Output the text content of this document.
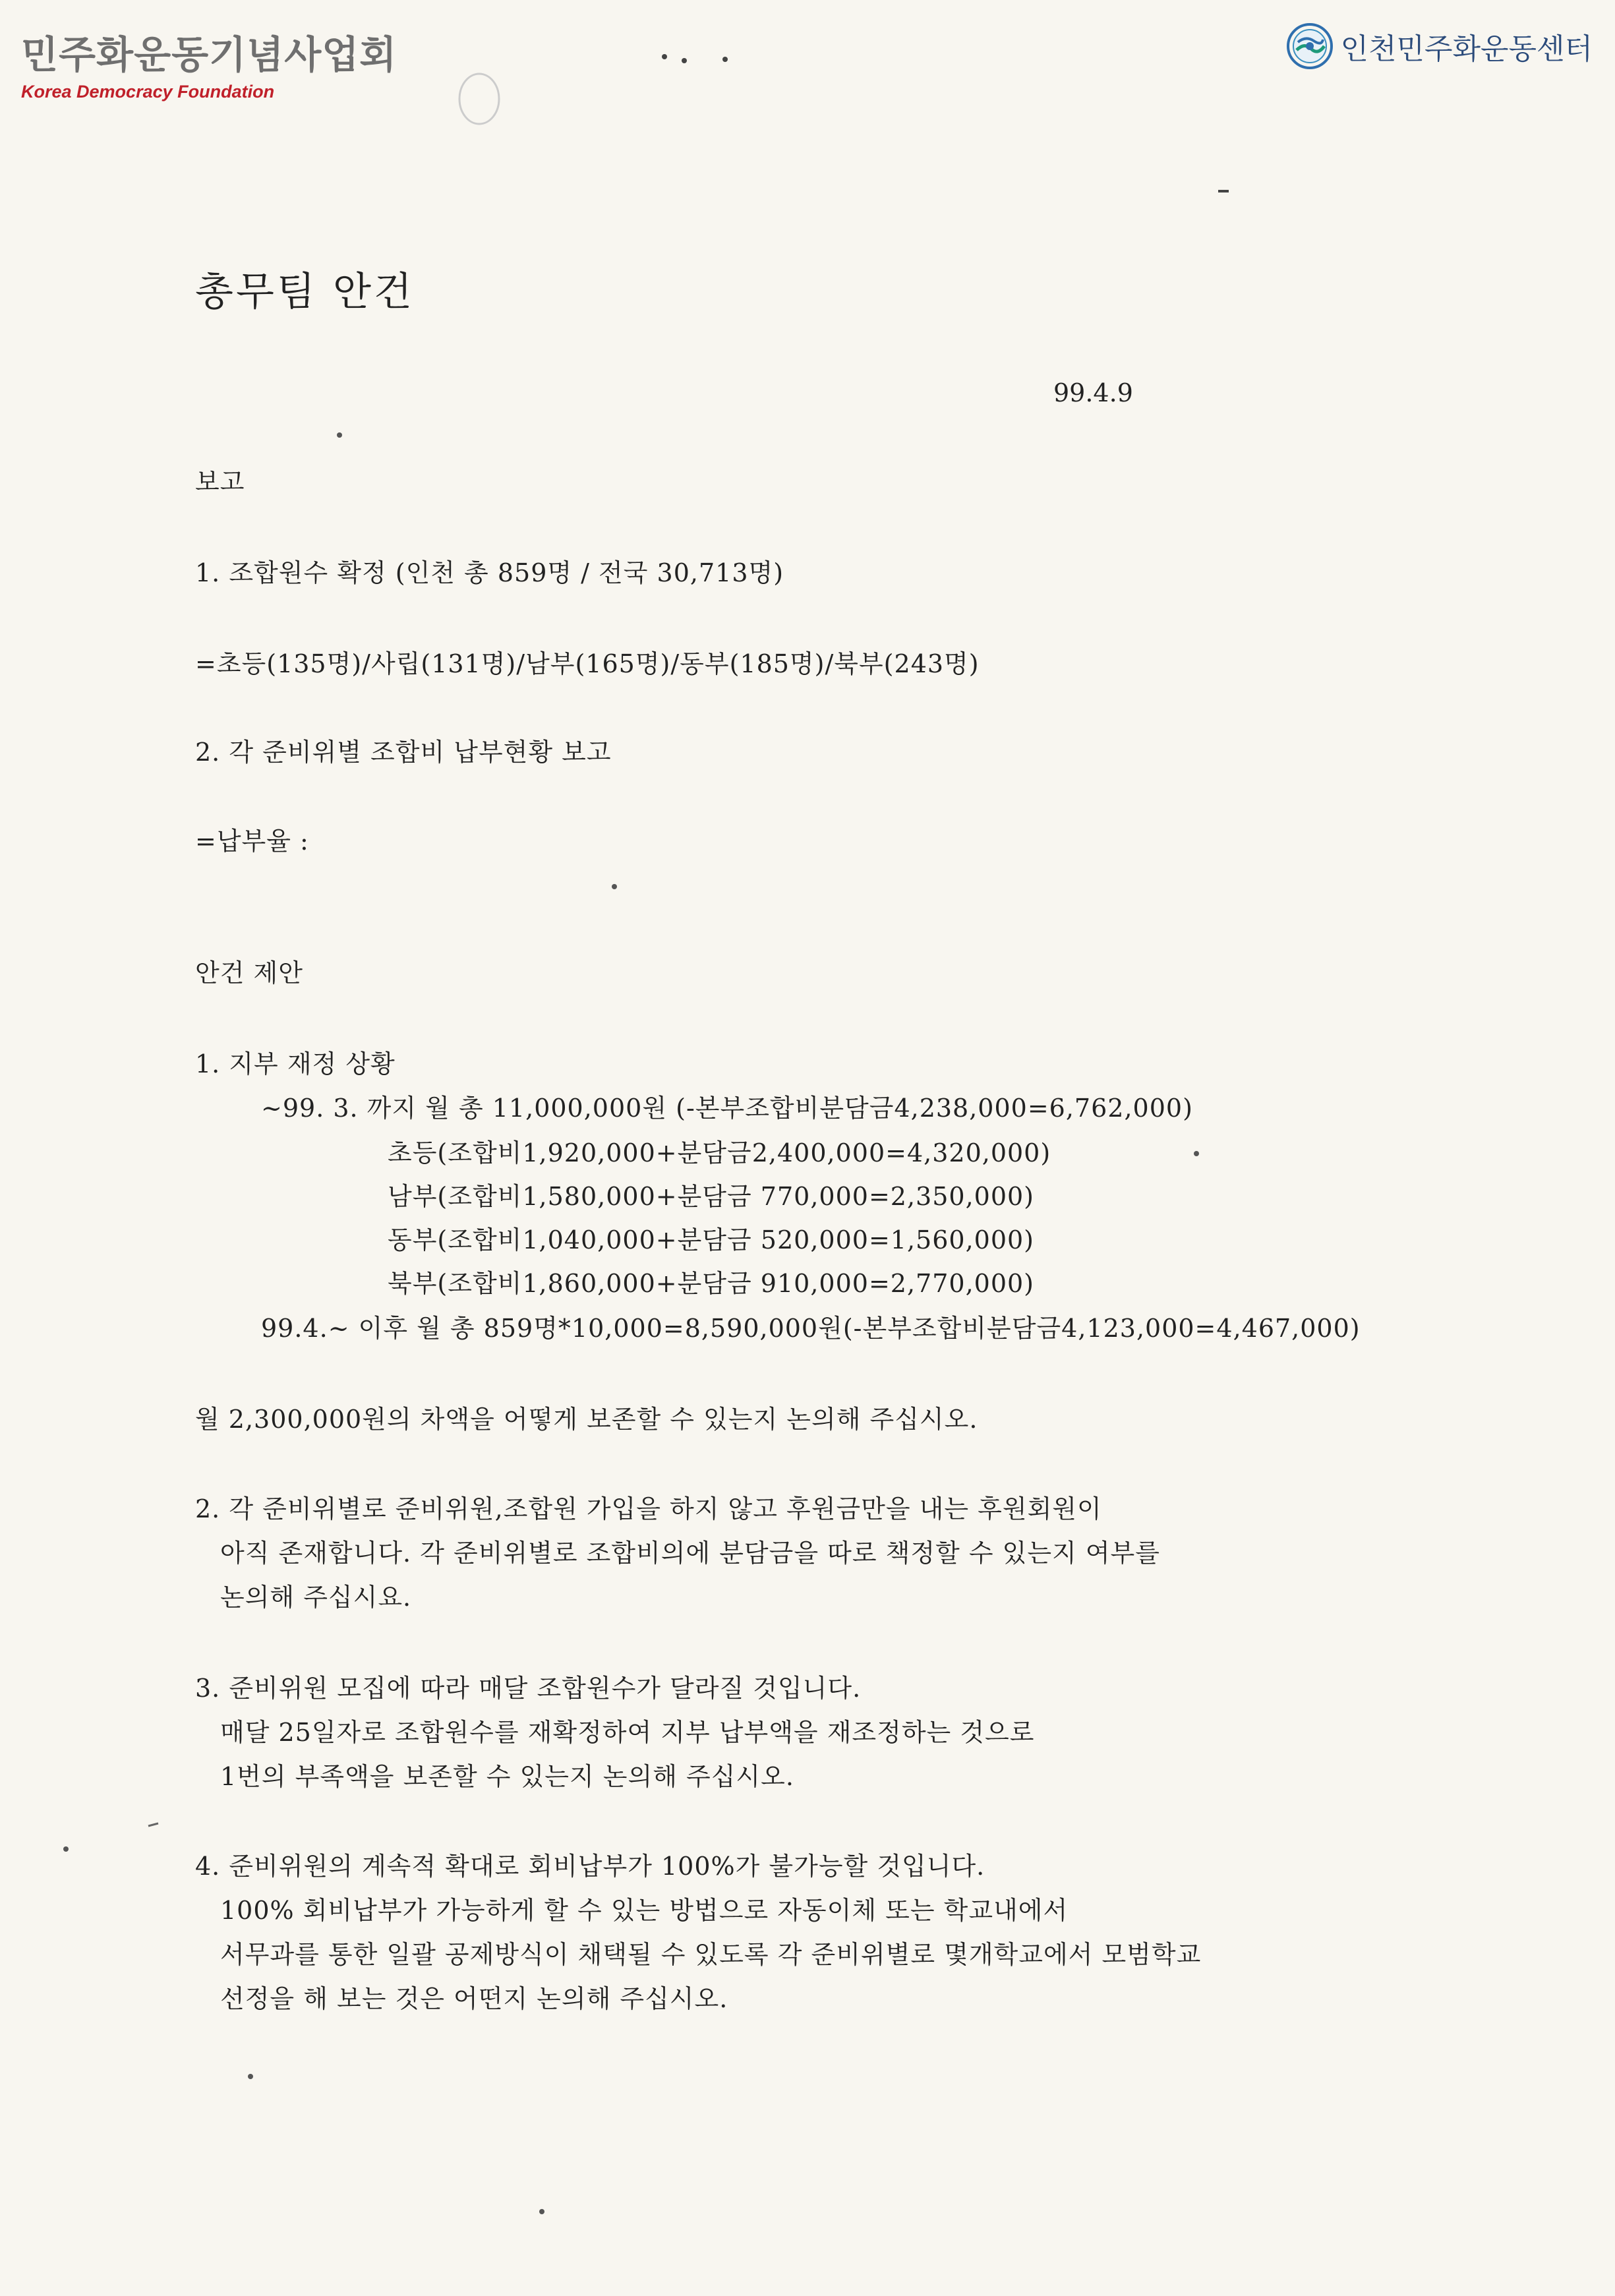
민주화운동기념사업회
Korea Democracy Foundation
인천민주화운동센터
총무팀 안건
99.4.9
보고
1. 조합원수 확정 (인천 총 859명 / 전국 30,713명)
=초등(135명)/사립(131명)/남부(165명)/동부(185명)/북부(243명)
2. 각 준비위별 조합비 납부현황 보고
=납부율 :
안건 제안
1. 지부 재정 상황
~99. 3. 까지 월 총 11,000,000원 (-본부조합비분담금4,238,000=6,762,000)
초등(조합비1,920,000+분담금2,400,000=4,320,000)
남부(조합비1,580,000+분담금 770,000=2,350,000)
동부(조합비1,040,000+분담금 520,000=1,560,000)
북부(조합비1,860,000+분담금 910,000=2,770,000)
99.4.~ 이후 월 총 859명*10,000=8,590,000원(-본부조합비분담금4,123,000=4,467,000)
월 2,300,000원의 차액을 어떻게 보존할 수 있는지 논의해 주십시오.
2. 각 준비위별로 준비위원,조합원 가입을 하지 않고 후원금만을 내는 후원회원이
아직 존재합니다. 각 준비위별로 조합비의에 분담금을 따로 책정할 수 있는지 여부를
논의해 주십시요.
3. 준비위원 모집에 따라 매달 조합원수가 달라질 것입니다.
매달 25일자로 조합원수를 재확정하여 지부 납부액을 재조정하는 것으로
1번의 부족액을 보존할 수 있는지 논의해 주십시오.
4. 준비위원의 계속적 확대로 회비납부가 100%가 불가능할 것입니다.
100% 회비납부가 가능하게 할 수 있는 방법으로 자동이체 또는 학교내에서
서무과를 통한 일괄 공제방식이 채택될 수 있도록 각 준비위별로 몇개학교에서 모범학교
선정을 해 보는 것은 어떤지 논의해 주십시오.
